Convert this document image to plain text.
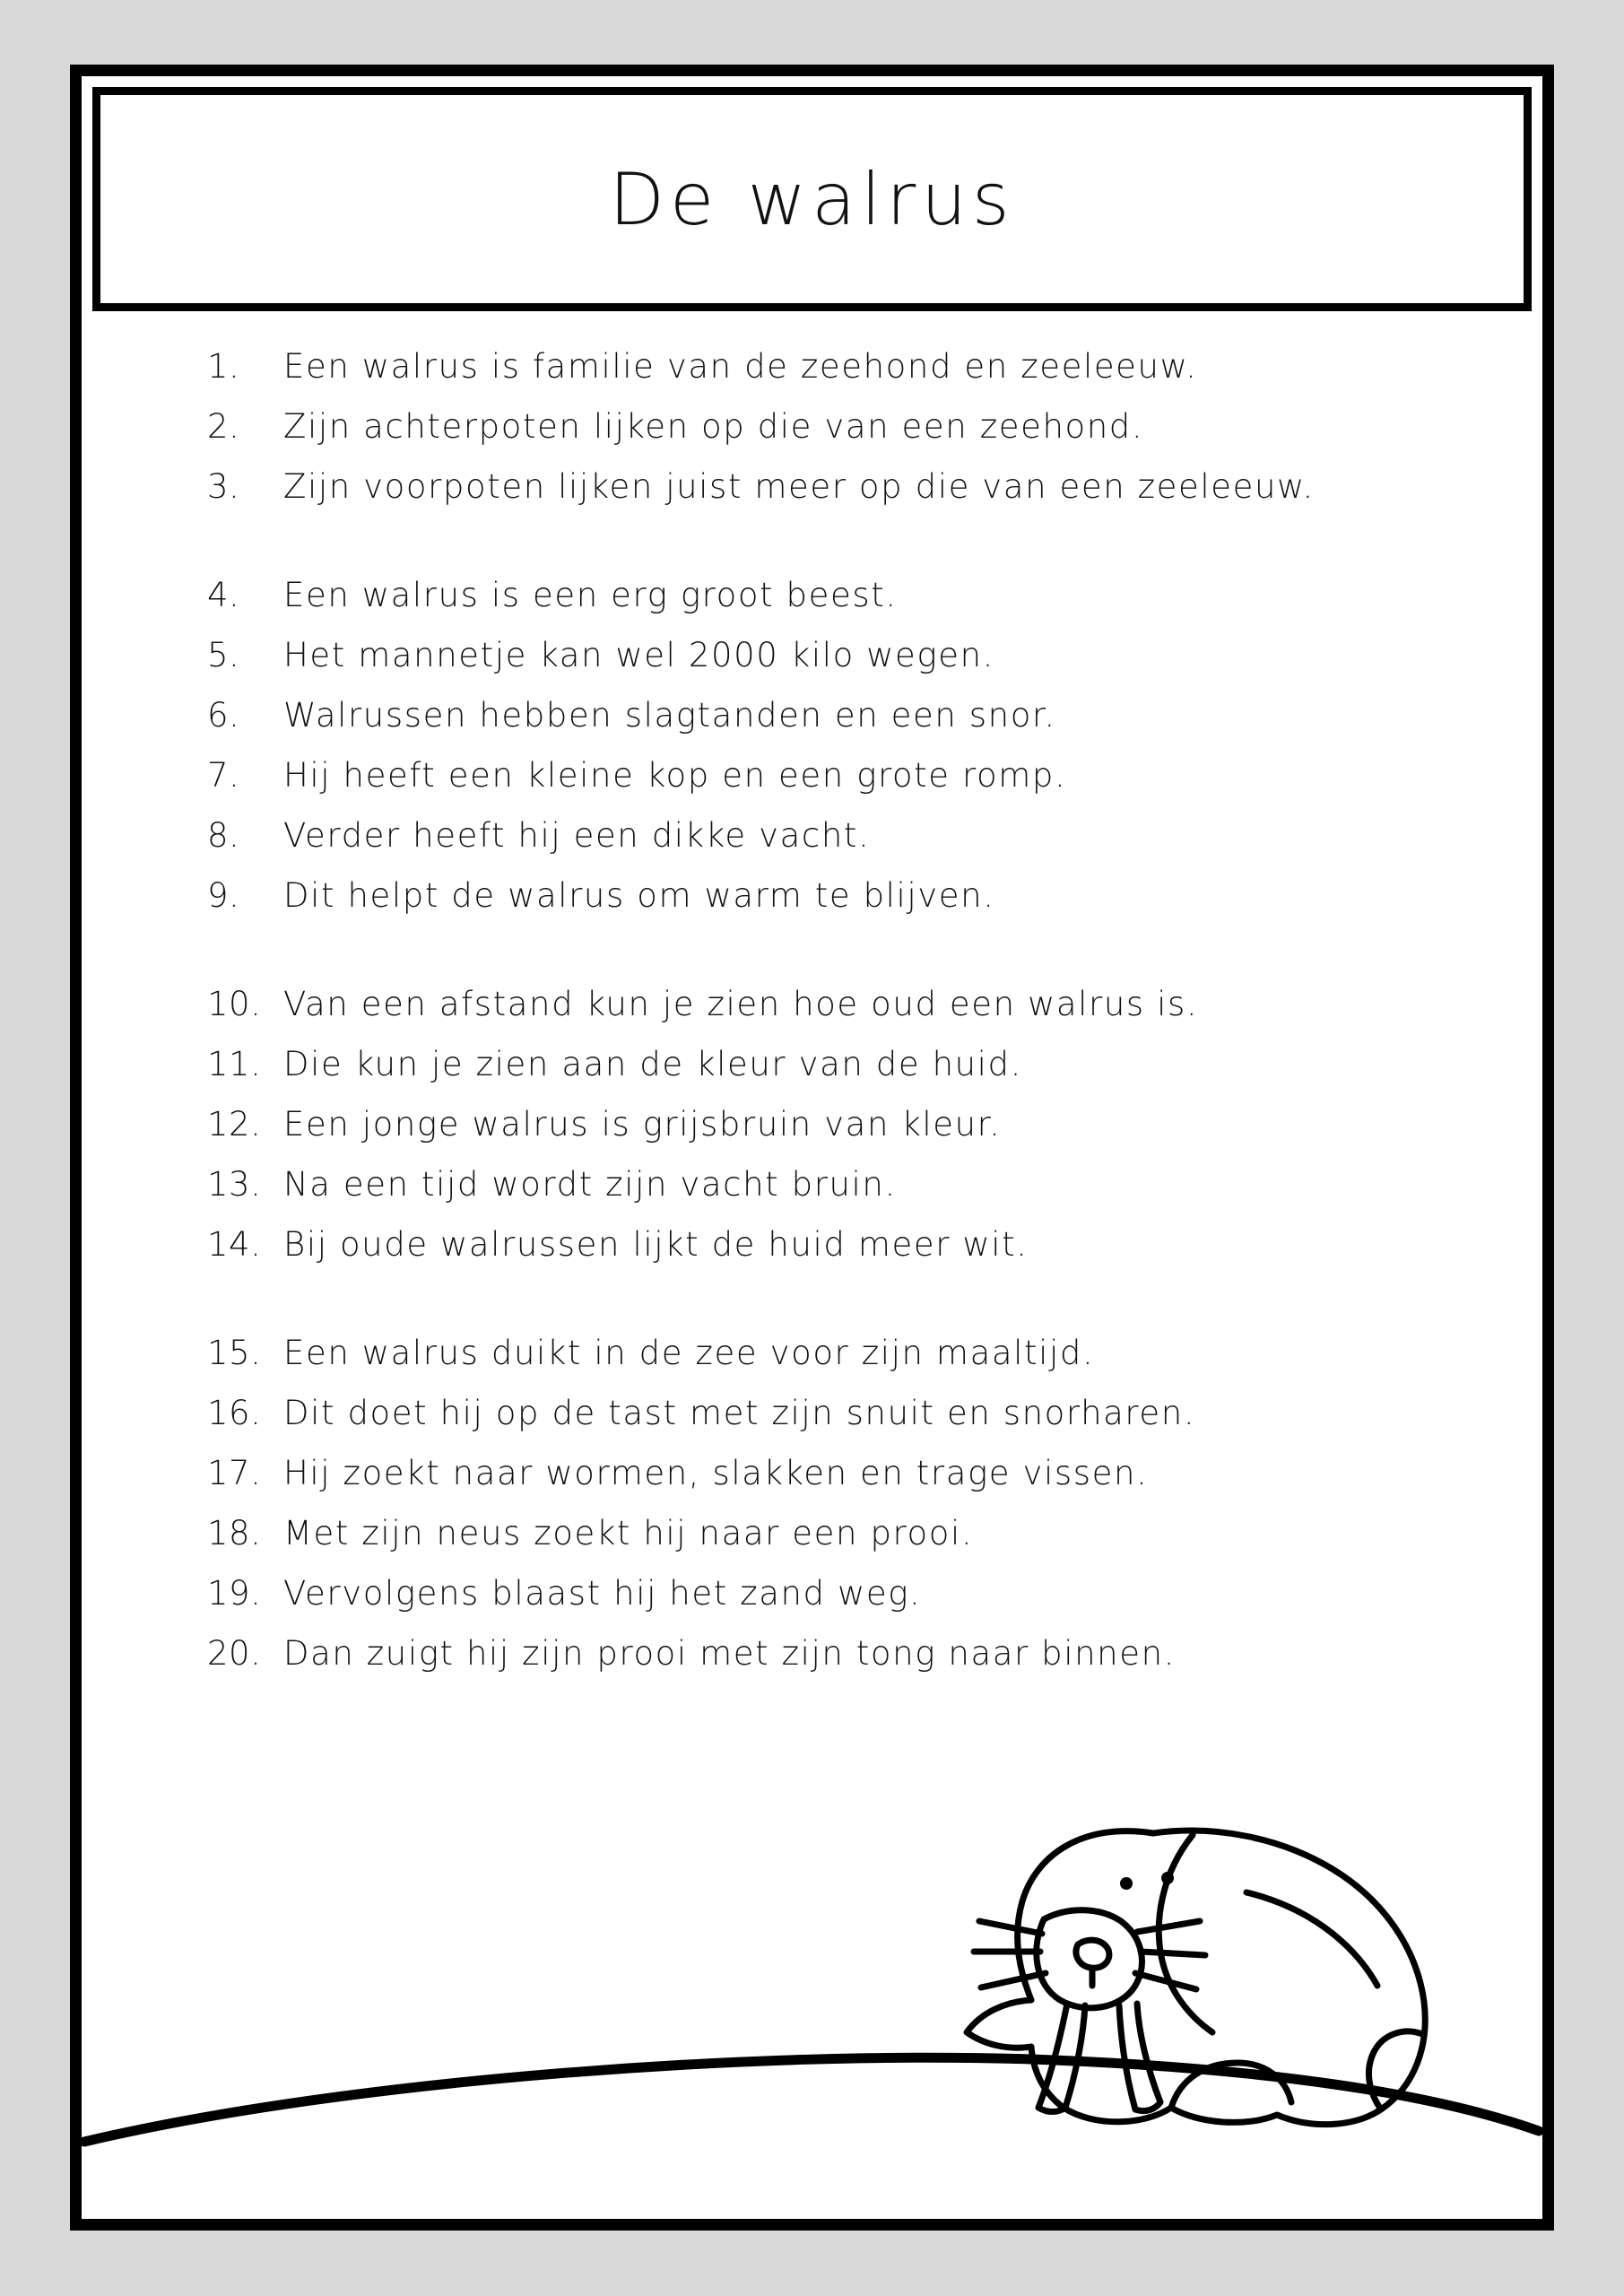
De walrus
1.	Een walrus is familie van de zeehond en zeeleeuw.
2.	Zijn achterpoten lijken op die van een zeehond.
3.	Zijn voorpoten lijken juist meer op die van een zeeleeuw.
4.	Een walrus is een erg groot beest.
5.	Het mannetje kan wel 2000 kilo wegen.
6.	Walrussen hebben slagtanden en een snor.
7.	Hij heeft een kleine kop en een grote romp.
8.	Verder heeft hij een dikke vacht.
9.	Dit helpt de walrus om warm te blijven.
10. Van een afstand kun je zien hoe oud een walrus is.
11. Die kun je zien aan de kleur van de huid.
12. Een jonge walrus is grijsbruin van kleur.
13. Na een tijd wordt zijn vacht bruin.
14. Bij oude walrussen lijkt de huid meer wit.
15. Een walrus duikt in de zee voor zijn maaltijd.
16. Dit doet hij op de tast met zijn snuit en snorharen.
17. Hij zoekt naar wormen, slakken en trage vissen.
18. Met zijn neus zoekt hij naar een prooi.
19. Vervolgens blaast hij het zand weg.
20. Dan zuigt hij zijn prooi met zijn tong naar binnen.
